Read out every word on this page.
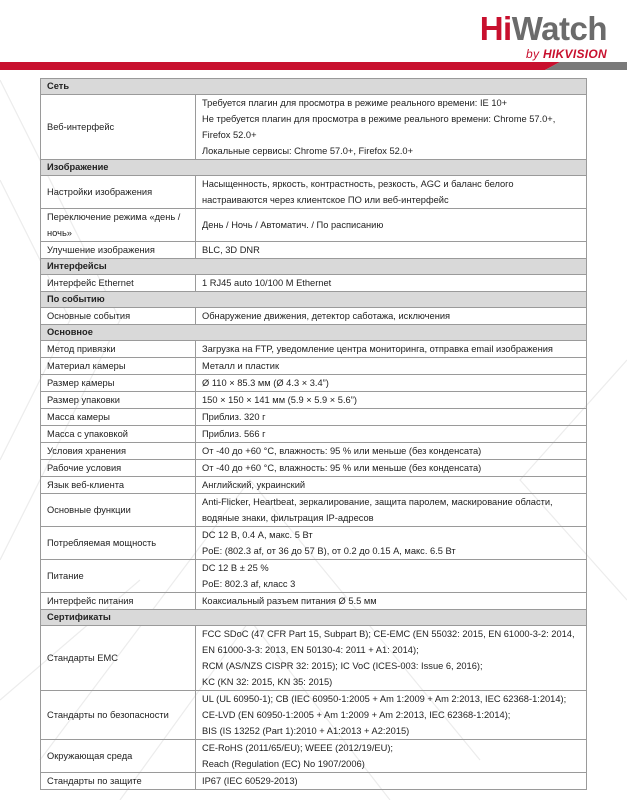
HiWatch
by HIKVISION
Сеть	
Веб-интерфейс	Требуется плагин для просмотра в режиме реального времени: IE 10+
Не требуется плагин для просмотра в режиме реального времени: Chrome 57.0+,
Firefox 52.0+
Локальные сервисы: Chrome 57.0+, Firefox 52.0+

Изображение	
Настройки изображения	Насыщенность, яркость, контрастность, резкость, AGC и баланс белого
настраиваются через клиентское ПО или веб-интерфейс

Переключение режима «день / ночь»	День / Ночь / Автоматич. / По расписанию

Улучшение изображения	BLC, 3D DNR

Интерфейсы	
Интерфейс Ethernet	1 RJ45 auto 10/100 M Ethernet

По событию	
Основные события	Обнаружение движения, детектор саботажа, исключения

Основное	
Метод привязки	Загрузка на FTP, уведомление центра мониторинга, отправка email изображения

Материал камеры	Металл и пластик

Размер камеры	Ø 110 × 85.3 мм (Ø 4.3 × 3.4”)

Размер упаковки	150 × 150 × 141 мм (5.9 × 5.9 × 5.6”)

Масса камеры	Приблиз. 320 г

Масса с упаковкой	Приблиз. 566 г

Условия хранения	От -40 до +60 °C, влажность: 95 % или меньше (без конденсата)

Рабочие условия	От -40 до +60 °C, влажность: 95 % или меньше (без конденсата)

Язык веб-клиента	Английский, украинский

Основные функции	Anti-Flicker, Heartbeat, зеркалирование, защита паролем, маскирование области,
водяные знаки, фильтрация IP-адресов

Потребляемая мощность	DC 12 В, 0.4 А, макс. 5 Вт
PoE: (802.3 af, от 36 до 57 В), от 0.2 до 0.15 А, макс. 6.5 Вт

Питание	DC 12 В ± 25 %
PoE: 802.3 af, класс 3

Интерфейс питания	Коаксиальный разъем питания Ø 5.5 мм

Сертификаты	
Стандарты EMC	FCC SDoC (47 CFR Part 15, Subpart B); CE-EMC (EN 55032: 2015, EN 61000-3-2: 2014,
EN 61000-3-3: 2013, EN 50130-4: 2011 + A1: 2014);
RCM (AS/NZS CISPR 32: 2015); IC VoC (ICES-003: Issue 6, 2016);
KC (KN 32: 2015, KN 35: 2015)

Стандарты по безопасности	UL (UL 60950-1); CB (IEC 60950-1:2005 + Am 1:2009 + Am 2:2013, IEC 62368-1:2014);
CE-LVD (EN 60950-1:2005 + Am 1:2009 + Am 2:2013, IEC 62368-1:2014);
BIS (IS 13252 (Part 1):2010 + A1:2013 + A2:2015)

Окружающая среда	CE-RoHS (2011/65/EU); WEEE (2012/19/EU);
Reach (Regulation (EC) No 1907/2006)

Стандарты по защите	IP67 (IEC 60529-2013)
